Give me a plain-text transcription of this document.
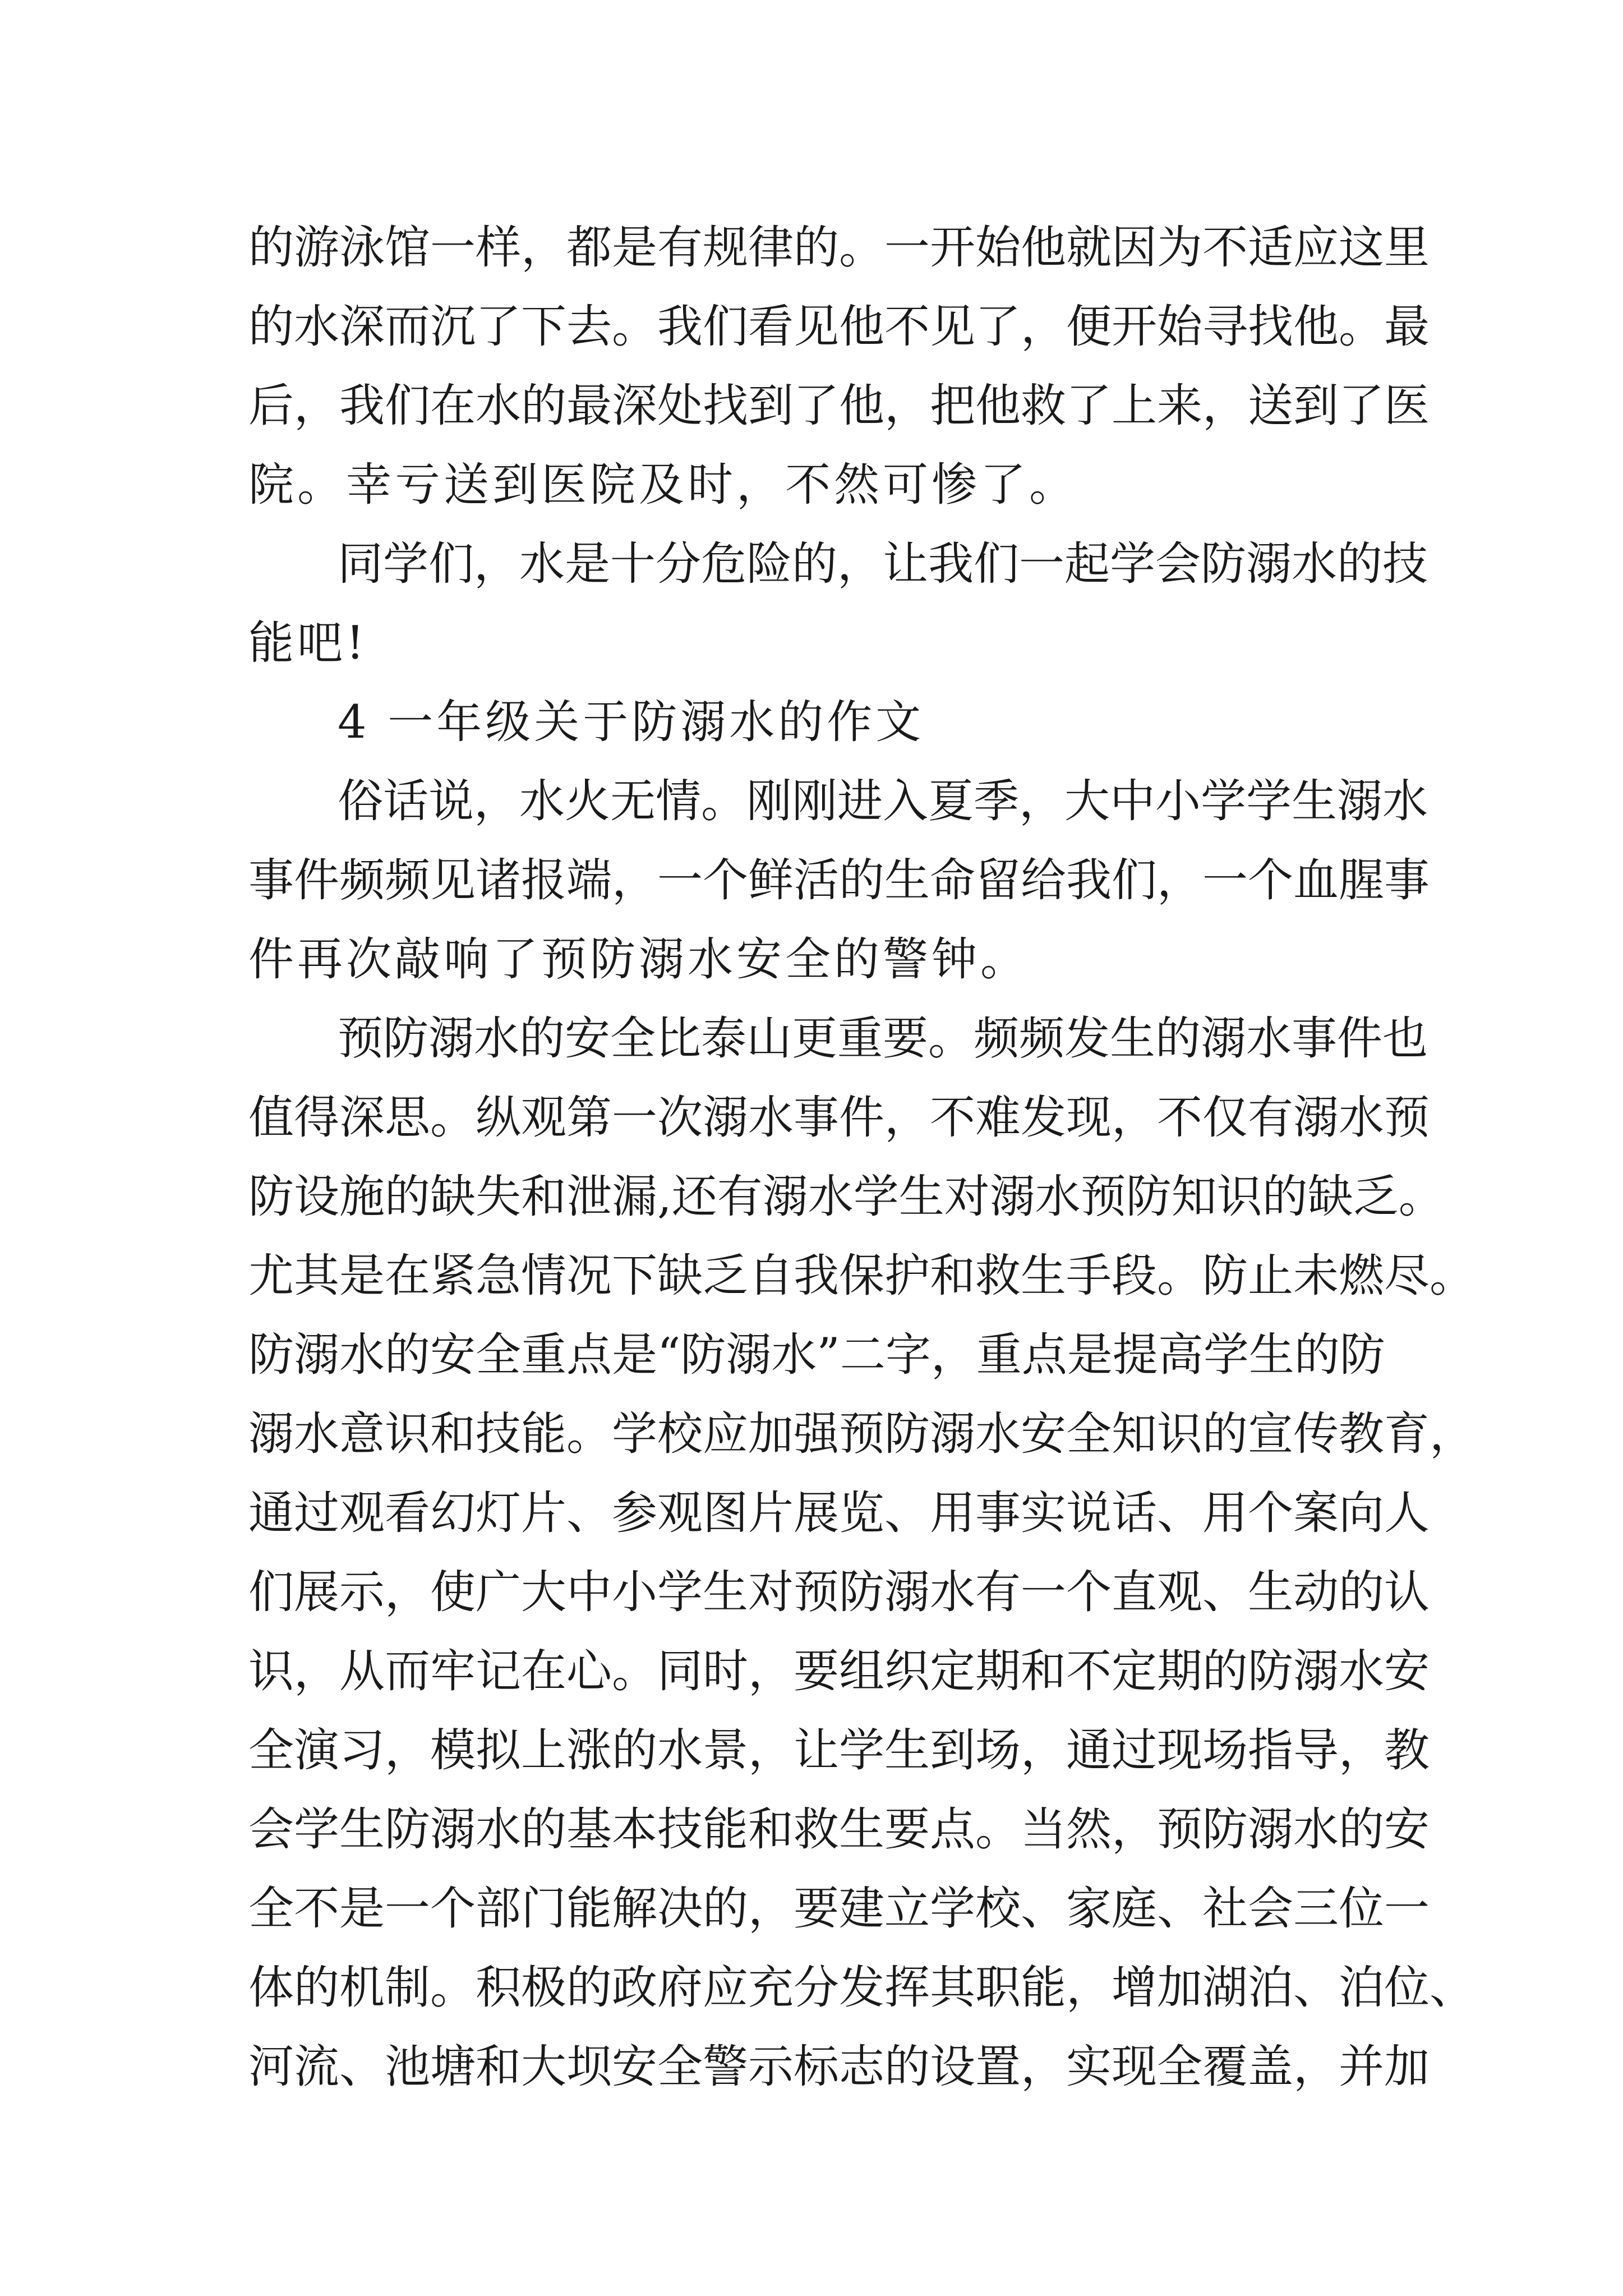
的游泳馆一样，都是有规律的。一开始他就因为不适应这里
的水深而沉了下去。我们看见他不见了，便开始寻找他。最
后，我们在水的最深处找到了他，把他救了上来，送到了医
院。幸亏送到医院及时，不然可惨了。
同学们，水是十分危险的，让我们一起学会防溺水的技
能吧!
4 一年级关于防溺水的作文
俗话说，水火无情。刚刚进入夏季，大中小学学生溺水
事件频频见诸报端，一个鲜活的生命留给我们，一个血腥事
件再次敲响了预防溺水安全的警钟。
预防溺水的安全比泰山更重要。频频发生的溺水事件也
值得深思。纵观第一次溺水事件，不难发现，不仅有溺水预
防设施的缺失和泄漏,还有溺水学生对溺水预防知识的缺乏。
尤其是在紧急情况下缺乏自我保护和救生手段。防止未燃尽。
防溺水的安全重点是“防溺水”二字，重点是提高学生的防
溺水意识和技能。学校应加强预防溺水安全知识的宣传教育，
通过观看幻灯片、参观图片展览、用事实说话、用个案向人
们展示，使广大中小学生对预防溺水有一个直观、生动的认
识，从而牢记在心。同时，要组织定期和不定期的防溺水安
全演习，模拟上涨的水景，让学生到场，通过现场指导，教
会学生防溺水的基本技能和救生要点。当然，预防溺水的安
全不是一个部门能解决的，要建立学校、家庭、社会三位一
体的机制。积极的政府应充分发挥其职能，增加湖泊、泊位、
河流、池塘和大坝安全警示标志的设置，实现全覆盖，并加
